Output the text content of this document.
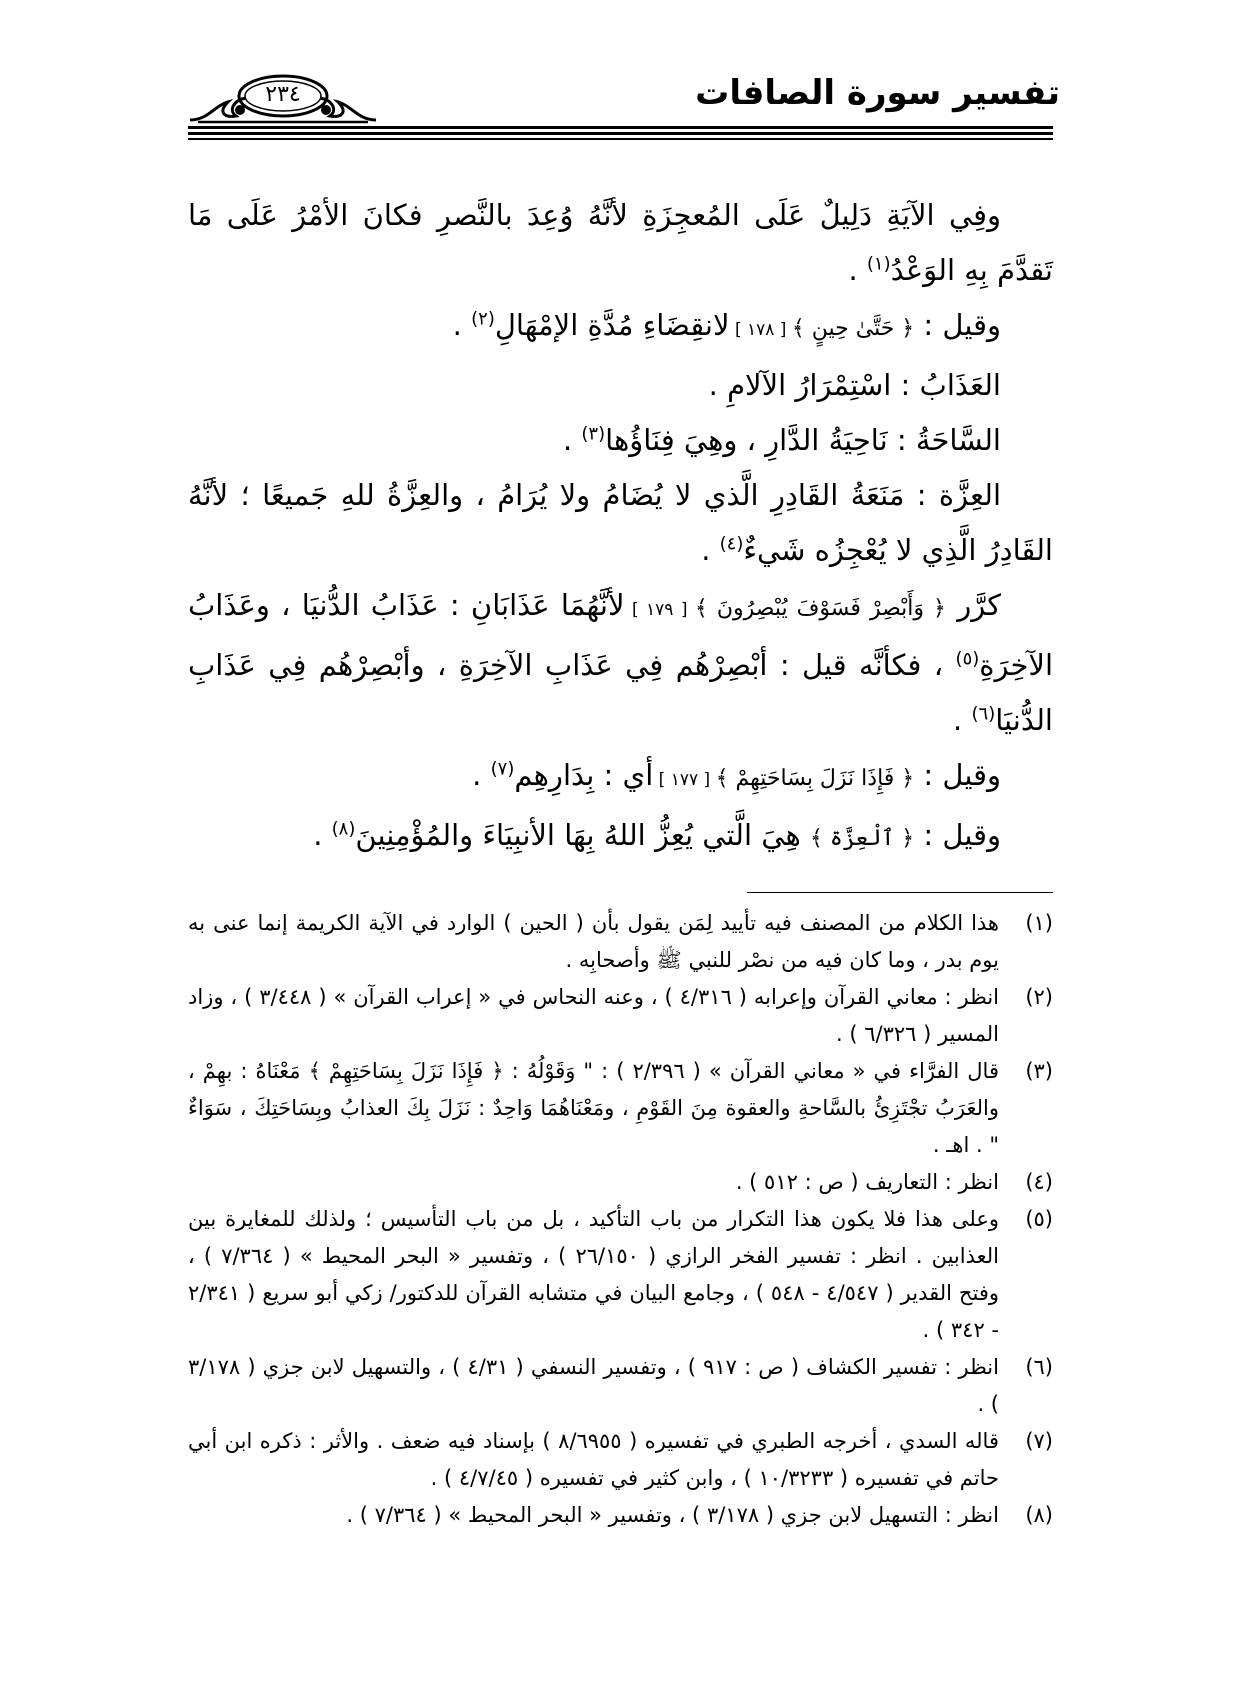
تفسير سورة الصافات
٢٣٤

وفِي الآيَةِ دَلِيلٌ عَلَى المُعجِزَةِ لأنَّهُ وُعِدَ بالنَّصرِ فكانَ الأمْرُ عَلَى مَا تَقدَّمَ بِهِ الوَعْدُ$^{(١)}$ .

وقيل : ﴿ حَتَّىٰ حِينٍ ﴾ [ ١٧٨ ] لانقِضَاءِ مُدَّةِ الإمْهَالِ$^{(٢)}$ .

العَذَابُ : اسْتِمْرَارُ الآلامِ .

السَّاحَةُ : نَاحِيَةُ الدَّارِ ، وهِيَ فِنَاؤُها$^{(٣)}$ .

العِزَّة : مَنَعَةُ القَادِرِ الَّذي لا يُضَامُ ولا يُرَامُ ، والعِزَّةُ للهِ جَميعًا ؛ لأنَّهُ القَادِرُ الَّذِي لا يُعْجِزُه شَيءٌ$^{(٤)}$ .

كرَّر ﴿ وَأَبْصِرْ فَسَوْفَ يُبْصِرُونَ ﴾ [ ١٧٩ ] لأنَّهُمَا عَذَابَانِ : عَذَابُ الدُّنيَا ، وعَذَابُ الآخِرَةِ$^{(٥)}$ ، فكأنَّه قيل : أبْصِرْهُم فِي عَذَابِ الآخِرَةِ ، وأبْصِرْهُم فِي عَذَابِ الدُّنيَا$^{(٦)}$ .

وقيل : ﴿ فَإِذَا نَزَلَ بِسَاحَتِهِمْ ﴾ [ ١٧٧ ] أي : بِدَارِهِم$^{(٧)}$ .

وقيل : ﴿ ٱلْعِزَّة ﴾ هِيَ الَّتي يُعِزُّ اللهُ بِهَا الأنبِيَاءَ والمُؤْمِنِينَ$^{(٨)}$ .

(١)
هذا الكلام من المصنف فيه تأييد لِمَن يقول بأن ( الحين ) الوارد في الآية الكريمة إنما عنى به يوم بدر ، وما كان فيه من نصْر للنبي ﷺ وأصحابِه .
(٢)
انظر : معاني القرآن وإعرابه ( ٤/٣١٦ ) ، وعنه النحاس في « إعراب القرآن » ( ٣/٤٤٨ ) ، وزاد المسير ( ٦/٣٢٦ ) .
(٣)
قال الفرَّاء في « معاني القرآن » ( ٢/٣٩٦ ) : " وَقَوْلُهُ : ﴿ فَإِذَا نَزَلَ بِسَاحَتِهِمْ ﴾ مَعْنَاهُ : بهِمْ ، والعَرَبُ تجْتَزِئُ بالسَّاحةِ والعقوة مِنَ القَوْمِ ، ومَعْنَاهُمَا وَاحِدٌ : نَزَلَ بِكَ العذابُ وبِسَاحَتِكَ ، سَوَاءٌ " . اهـ .
(٤)
انظر : التعاريف ( ص : ٥١٢ ) .
(٥)
وعلى هذا فلا يكون هذا التكرار من باب التأكيد ، بل من باب التأسيس ؛ ولذلك للمغايرة بين العذابين . انظر : تفسير الفخر الرازي ( ٢٦/١٥٠ ) ، وتفسير « البحر المحيط » ( ٧/٣٦٤ ) ، وفتح القدير ( ٤/٥٤٧ - ٥٤٨ ) ، وجامع البيان في متشابه القرآن للدكتور/ زكي أبو سريع ( ٢/٣٤١ - ٣٤٢ ) .
(٦)
انظر : تفسير الكشاف ( ص : ٩١٧ ) ، وتفسير النسفي ( ٤/٣١ ) ، والتسهيل لابن جزي ( ٣/١٧٨ ) .
(٧)
قاله السدي ، أخرجه الطبري في تفسيره ( ٨/٦٩٥٥ ) بإسناد فيه ضعف . والأثر : ذكره ابن أبي حاتم في تفسيره ( ١٠/٣٢٣٣ ) ، وابن كثير في تفسيره ( ٤/٧/٤٥ ) .
(٨)
انظر : التسهيل لابن جزي ( ٣/١٧٨ ) ، وتفسير « البحر المحيط » ( ٧/٣٦٤ ) .
